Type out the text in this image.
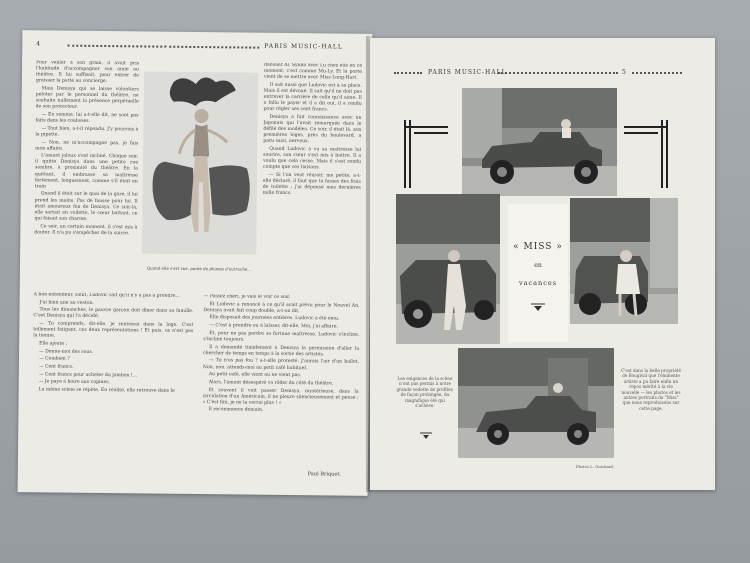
4	PARIS MUSIC-HALL

Pour veiller à son grain, il avait pris l'habitude d'accompagner son amie au théâtre. Il lui suffisait, pour entrer de graisser la patte au concierge.

Mais Denisya qui se laisse volontiers peloter par le personnel du théâtre, ne souhaite nullement la présence perpétuelle de son protecteur.

— En somme, lui a-t-elle dit, ne sont pas faits dans les coulisses.

— Tout bien, a-t-il répondu. J'y pourrais à la pipette.

— Non, ne m'accompagne pas, je fais mon affaire.

L'amant jaloux s'est incliné. Chaque soir, il quitte Denisya dans une petite rue sombre, à proximité du théâtre. En la quittant, il embrasse sa maîtresse fortement, longuement, comme s'il était en train

Quand il était sur le quai de la gare, il lui prend les mains. Pas de fausse pour lui. Il était amoureux fou de Denisya. Ce soir-là, elle sortait en voilette, le cœur battant, ce qui faisait son charme.

Ce soir, un certain moment, il s'est mis à douter. Il n'a pu s'empêcher de la suivre.

Quand elle s'est vue, parée de plumes d'autruche...

dansant Al. Syndo avec Lu chez elle en ce moment, c'est comme Mu-Ly. Et la porte vient de se mettre avec Miss Long-Hart.

Il sait aussi que Ludovic est à sa place. Mais il est dévoué. Il sait qu'il ne doit pas entraver la carrière de celle qu'il aime. Il a fallu le payer et il a dit oui, il a rendu pour régler ses cent francs.

Denisya a fait connaissance avec un Japonais qui l'avait remarquée dans le défilé des modèles. Ce soir, il était là, aux premières loges, près du boulevard, a paru saisi, nerveux.

Quand Ludovic a vu sa maîtresse lui sourire, son cœur s'est mis à battre. Il a voulu que cela cesse. Mais il s'est rendu compte que ces liaisons.

— Si l'on veut réussir, ma petite, a-t-elle déclaré, il faut que tu fasses des frais de toilette ; j'ai dépensé mes dernières mille francs.

A bon entendeur, salut, Ludovic sait qu'il n'y a pas à prendre...

J'ai bien une au veston.

Tous les dimanches, le pauvre garçon doit dîner dans sa famille. C'est Denisya qui l'a décidé.

— Tu comprends, dit-elle, je rentrerai dans la loge. C'est tellement fatigant, ces deux représentations ! Et puis, ce n'est pas la tienne.

Elle ajoute :

— Donne-moi des sous.

— Combien ?

— Cent francs.

— Cent francs pour acheter du jambon !...

— Je paye à boire aux copines.

La même scène se répète. En réalité, elle retrouve dans le

— Passez chéri, je vais le voir ce soir.

Et Ludovic a renoncé à ce qu'il avait prévu pour le Nouvel An. Denisya avait fait coup double, a-t-on dit.

Elle disposait des journées entières. Ludovic a été ému.

— C'est à prendre ou à laisser, dit-elle. Moi, j'ai affaire.

Et, pour ne pas perdre sa fortune maîtresse, Ludovic s'incline, s'incline toujours.

Il a demandé timidement à Denisya la permission d'aller la chercher de temps en temps à la sortie des artistes.

— Tu n'es pas fou ? a-t-elle protesté. J'aurais l'air d'un ballot. Non, non, attends-moi au petit café habituel.

Au petit café, elle vient ou ne vient pas.

Alors, l'amant désespéré va rôder du côté du théâtre.

Et souvent il voit passer Denisya, mystérieuse, dans la circulation d'un Américain, il ne pleure silencieusement et pense : « C'est fini, je ne la verrai plus ! »

Il recommence demain.

Paul Briquet.
PARIS MUSIC-HALL	5
« MISS »
en
vacances
Les exigences de la scène n'ont pas permis à notre grande vedette de profiter, de façon prolongée, du magnifique été qui s'achève.
C'est dans la belle propriété de Bougival que l'éminente artiste a pu faire enfin un repos mérité à la vie nouvelle — les photos et les autres portraits de "Miss" que nous reproduisons sur cette page.
Photos L. Guichard.
